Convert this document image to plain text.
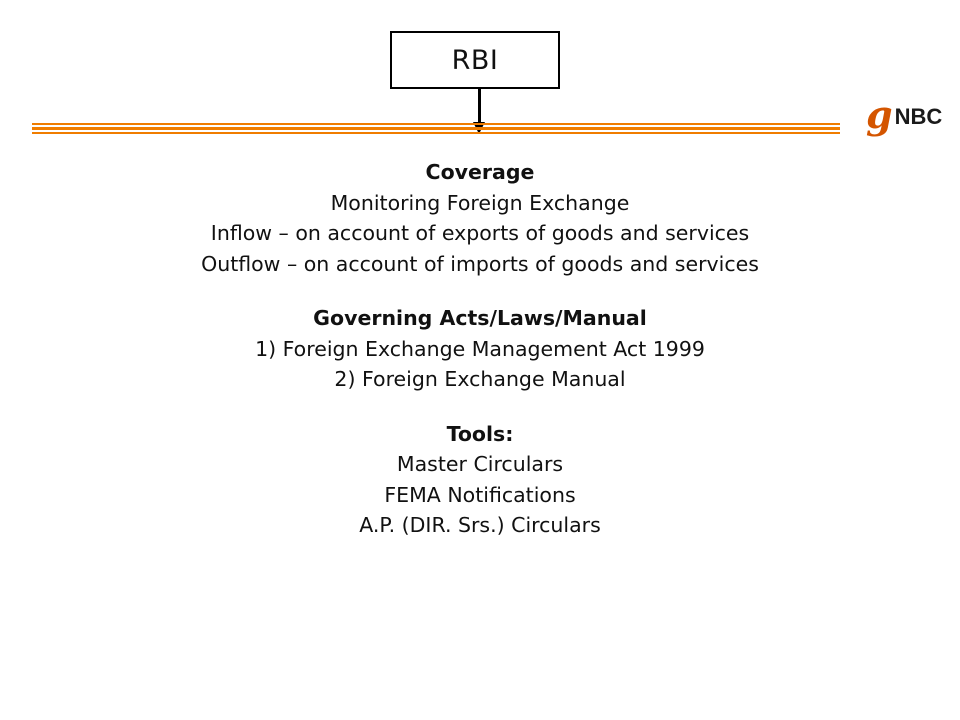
RBI
g NBC
Coverage
Monitoring Foreign Exchange
Inflow – on account of exports of goods and services
Outflow – on account of imports of goods and services
Governing Acts/Laws/Manual
1) Foreign Exchange Management Act 1999
2) Foreign Exchange Manual
Tools:
Master Circulars
FEMA Notifications
A.P. (DIR. Srs.) Circulars
